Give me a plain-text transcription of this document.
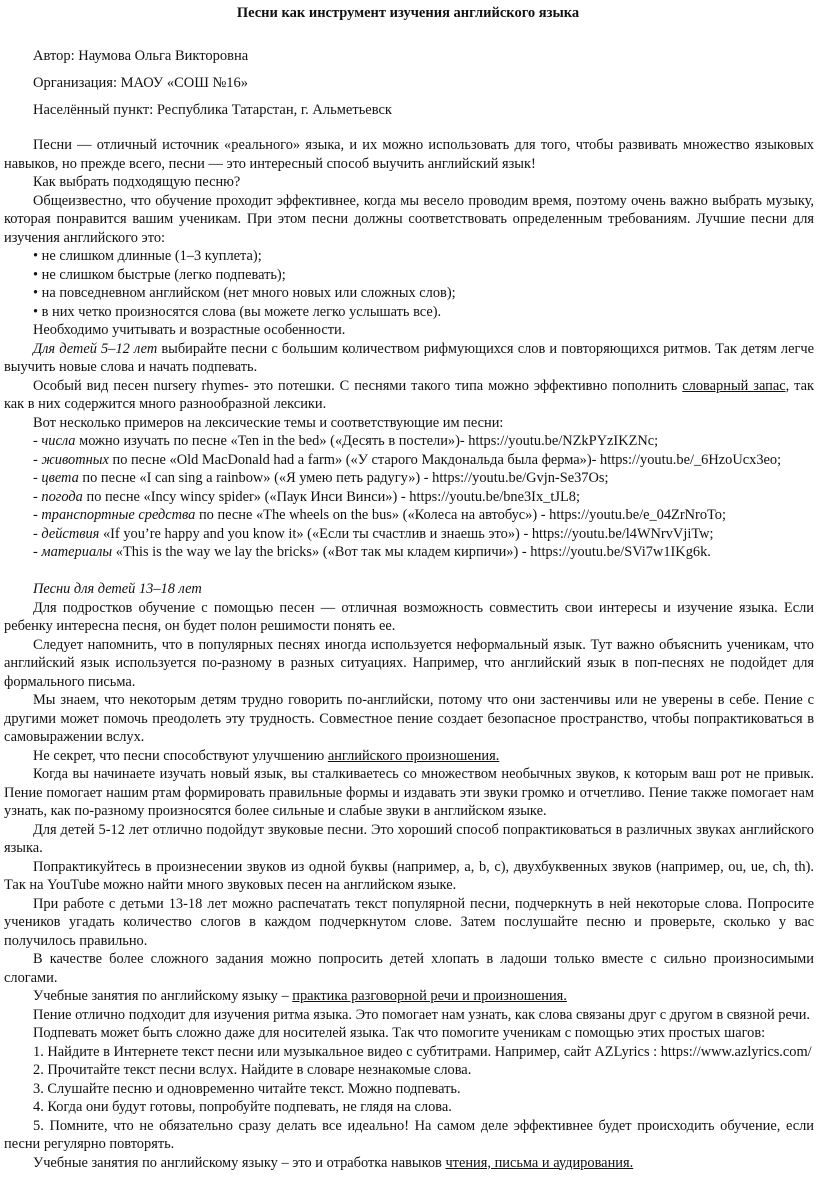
Песни как инструмент изучения английского языка
Автор: Наумова Ольга Викторовна
Организация: МАОУ «СОШ №16»
Населённый пункт: Республика Татарстан, г. Альметьевск

Песни — отличный источник «реального» языка, и их можно использовать для того, чтобы развивать множество языковых навыков, но прежде всего, песни — это интересный способ выучить английский язык!

Как выбрать подходящую песню?

Общеизвестно, что обучение проходит эффективнее, когда мы весело проводим время, поэтому очень важно выбрать музыку, которая понравится вашим ученикам. При этом песни должны соответствовать определенным требованиям. Лучшие песни для изучения английского это:

• не слишком длинные (1–3 куплета);

• не слишком быстрые (легко подпевать);

• на повседневном английском (нет много новых или сложных слов);

• в них четко произносятся слова (вы можете легко услышать все).

Необходимо учитывать и возрастные особенности.

Для детей 5–12 лет выбирайте песни с большим количеством рифмующихся слов и повторяющихся ритмов. Так детям легче выучить новые слова и начать подпевать.

Особый вид песен nursery rhymes- это потешки. С песнями такого типа можно эффективно пополнить словарный запас, так как в них содержится много разнообразной лексики.

Вот несколько примеров на лексические темы и соответствующие им песни:

- числа можно изучать по песне «Ten in the bed» («Десять в постели»)- https://youtu.be/NZkPYzIKZNc;

- животных по песне «Old MacDonald had a farm» («У старого Макдональда была ферма»)- https://youtu.be/_6HzoUcx3eo;

- цвета по песне «I can sing a rainbow» («Я умею петь радугу») - https://youtu.be/Gvjn-Se37Os;

- погода по песне «Incy wincy spider» («Паук Инси Винси») - https://youtu.be/bne3Ix_tJL8;

- транспортные средства по песне «The wheels on the bus» («Колеса на автобус») - https://youtu.be/e_04ZrNroTo;

- действия «If you’re happy and you know it» («Если ты счастлив и знаешь это») - https://youtu.be/l4WNrvVjiTw;

- материалы «This is the way we lay the bricks» («Вот так мы кладем кирпичи») - https://youtu.be/SVi7w1IKg6k.

Песни для детей 13–18 лет

Для подростков обучение с помощью песен — отличная возможность совместить свои интересы и изучение языка. Если ребенку интересна песня, он будет полон решимости понять ее.

Следует напомнить, что в популярных песнях иногда используется неформальный язык. Тут важно объяснить ученикам, что английский язык используется по-разному в разных ситуациях. Например, что английский язык в поп-песнях не подойдет для формального письма.

Мы знаем, что некоторым детям трудно говорить по-английски, потому что они застенчивы или не уверены в себе. Пение с другими может помочь преодолеть эту трудность. Совместное пение создает безопасное пространство, чтобы попрактиковаться в самовыражении вслух.

Не секрет, что песни способствуют улучшению английского произношения.

Когда вы начинаете изучать новый язык, вы сталкиваетесь со множеством необычных звуков, к которым ваш рот не привык. Пение помогает нашим ртам формировать правильные формы и издавать эти звуки громко и отчетливо. Пение также помогает нам узнать, как по-разному произносятся более сильные и слабые звуки в английском языке.

Для детей 5-12 лет отлично подойдут звуковые песни. Это хороший способ попрактиковаться в различных звуках английского языка.

Попрактикуйтесь в произнесении звуков из одной буквы (например, a, b, c), двухбуквенных звуков (например, ou, ue, ch, th). Так на YouTube можно найти много звуковых песен на английском языке.

При работе с детьми 13-18 лет можно распечатать текст популярной песни, подчеркнуть в ней некоторые слова. Попросите учеников угадать количество слогов в каждом подчеркнутом слове. Затем послушайте песню и проверьте, сколько у вас получилось правильно.

В качестве более сложного задания можно попросить детей хлопать в ладоши только вместе с сильно произносимыми слогами.

Учебные занятия по английскому языку – практика разговорной речи и произношения.

Пение отлично подходит для изучения ритма языка. Это помогает нам узнать, как слова связаны друг с другом в связной речи.

Подпевать может быть сложно даже для носителей языка. Так что помогите ученикам с помощью этих простых шагов:

1. Найдите в Интернете текст песни или музыкальное видео с субтитрами. Например, сайт AZLyrics : https://www.azlyrics.com/

2. Прочитайте текст песни вслух. Найдите в словаре незнакомые слова.

3. Слушайте песню и одновременно читайте текст. Можно подпевать.

4. Когда они будут готовы, попробуйте подпевать, не глядя на слова.

5. Помните, что не обязательно сразу делать все идеально! На самом деле эффективнее будет происходить обучение, если песни регулярно повторять.

Учебные занятия по английскому языку – это и отработка навыков чтения, письма и аудирования.
